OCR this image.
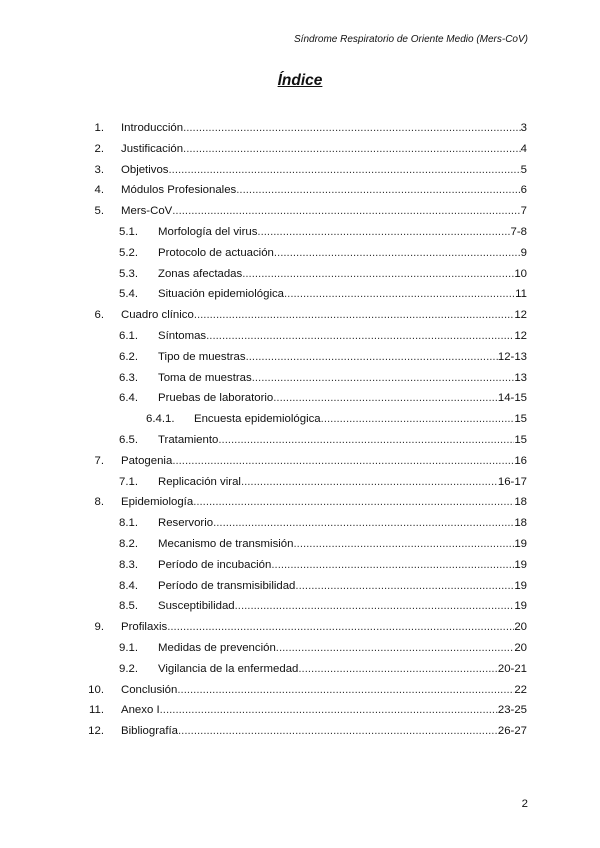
Síndrome Respiratorio de Oriente Medio (Mers-CoV)
Índice
1. Introducción .....	3
2. Justificación .....	4
3. Objetivos .....	5
4. Módulos Profesionales .....	6
5. Mers-CoV .....	7
5.1. Morfología del virus .....	7-8
5.2. Protocolo de actuación .....	9
5.3. Zonas afectadas .....	10
5.4. Situación epidemiológica .....	11
6. Cuadro clínico .....	12
6.1. Síntomas .....	12
6.2. Tipo de muestras .....	12-13
6.3. Toma de muestras .....	13
6.4. Pruebas de laboratorio .....	14-15
6.4.1. Encuesta epidemiológica .....	15
6.5. Tratamiento .....	15
7. Patogenia .....	16
7.1. Replicación viral .....	16-17
8. Epidemiología .....	18
8.1. Reservorio .....	18
8.2. Mecanismo de transmisión .....	19
8.3. Período de incubación .....	19
8.4. Período de transmisibilidad .....	19
8.5. Susceptibilidad .....	19
9. Profilaxis .....	20
9.1. Medidas de prevención .....	20
9.2. Vigilancia de la enfermedad .....	20-21
10. Conclusión .....	22
11. Anexo I .....	23-25
12. Bibliografía .....	26-27
2
